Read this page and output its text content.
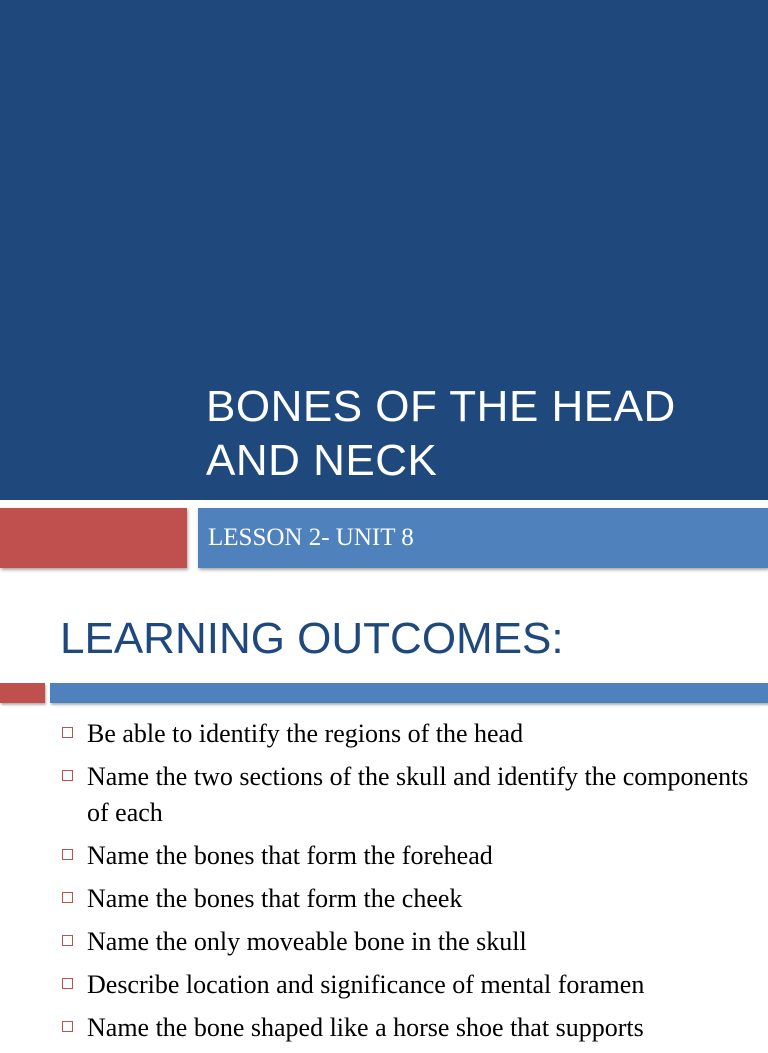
BONES OF THE HEAD AND NECK

LESSON 2- UNIT 8

LEARNING OUTCOMES:
Be able to identify the regions of the head
Name the two sections of the skull and identify the components of each
Name the bones that form the forehead
Name the bones that form the cheek
Name the only moveable bone in the skull
Describe location and significance of mental foramen
Name the bone shaped like a horse shoe that supports
